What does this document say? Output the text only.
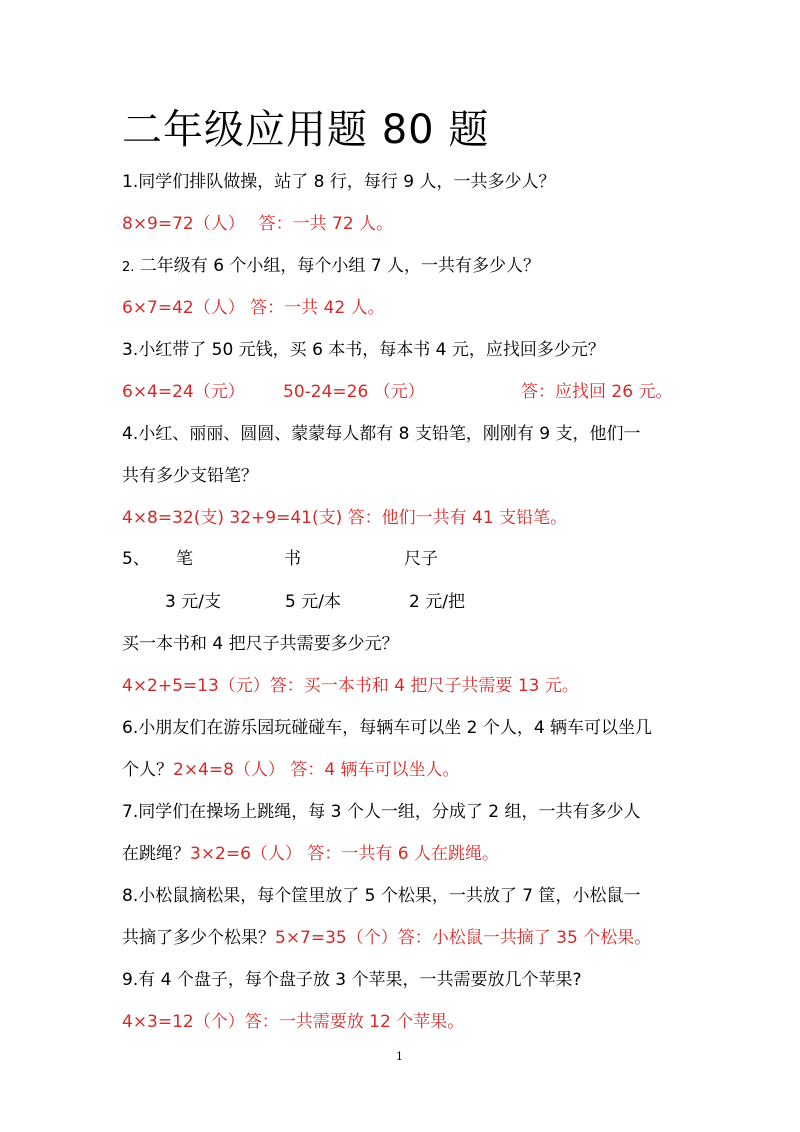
二年级应用题 80 题
1.同学们排队做操，站了 8 行，每行 9 人，一共多少人？
8×9=72（人）　 答：一共 72 人。
2. 二年级有 6 个小组，每个小组 7 人，一共有多少人？
6×7=42（人） 答：一共 42 人。
3.小红带了 50 元钱，买 6 本书，每本书 4 元，应找回多少元？
6×4=24（元） 50-24=26 （元）	答：应找回 26 元。
4.小红、丽丽、圆圆、蒙蒙每人都有 8 支铅笔，刚刚有 9 支，他们一
共有多少支铅笔？
4×8=32(支) 32+9=41(支) 答：他们一共有 41 支铅笔。
5、 笔	书	尺子
3 元/支	5 元/本	2 元/把
买一本书和 4 把尺子共需要多少元？
4×2+5=13（元）答：买一本书和 4 把尺子共需要 13 元。
6.小朋友们在游乐园玩碰碰车，每辆车可以坐 2 个人，4 辆车可以坐几
个人？2×4=8（人） 答：4 辆车可以坐人。
7.同学们在操场上跳绳，每 3 个人一组，分成了 2 组，一共有多少人
在跳绳？3×2=6（人） 答：一共有 6 人在跳绳。
8.小松鼠摘松果，每个筐里放了 5 个松果，一共放了 7 筐，小松鼠一
共摘了多少个松果？5×7=35（个）答：小松鼠一共摘了 35 个松果。
9.有 4 个盘子，每个盘子放 3 个苹果，一共需要放几个苹果?
4×3=12（个）答：一共需要放 12 个苹果。
1
